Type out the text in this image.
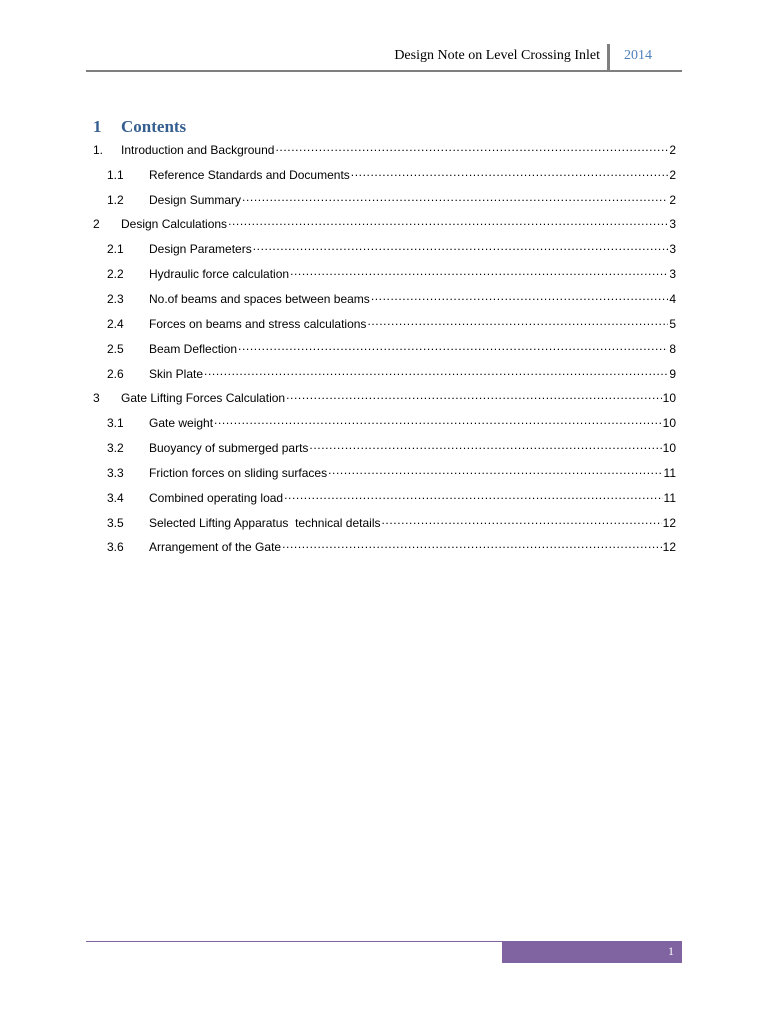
Design Note on Level Crossing Inlet 2014
1 Contents
1.	Introduction and Background .....	2
1.1	Reference Standards and Documents .....	2
1.2	Design Summary .....	2
2	Design Calculations .....	3
2.1	Design Parameters .....	3
2.2	Hydraulic force calculation .....	3
2.3	No.of beams and spaces between beams .....	4
2.4	Forces on beams and stress calculations .....	5
2.5	Beam Deflection .....	8
2.6	Skin Plate .....	9
3	Gate Lifting Forces Calculation .....	10
3.1	Gate weight .....	10
3.2	Buoyancy of submerged parts .....	10
3.3	Friction forces on sliding surfaces .....	11
3.4	Combined operating load .....	11
3.5	Selected Lifting Apparatus  technical details .....	12
3.6	Arrangement of the Gate .....	12
1
